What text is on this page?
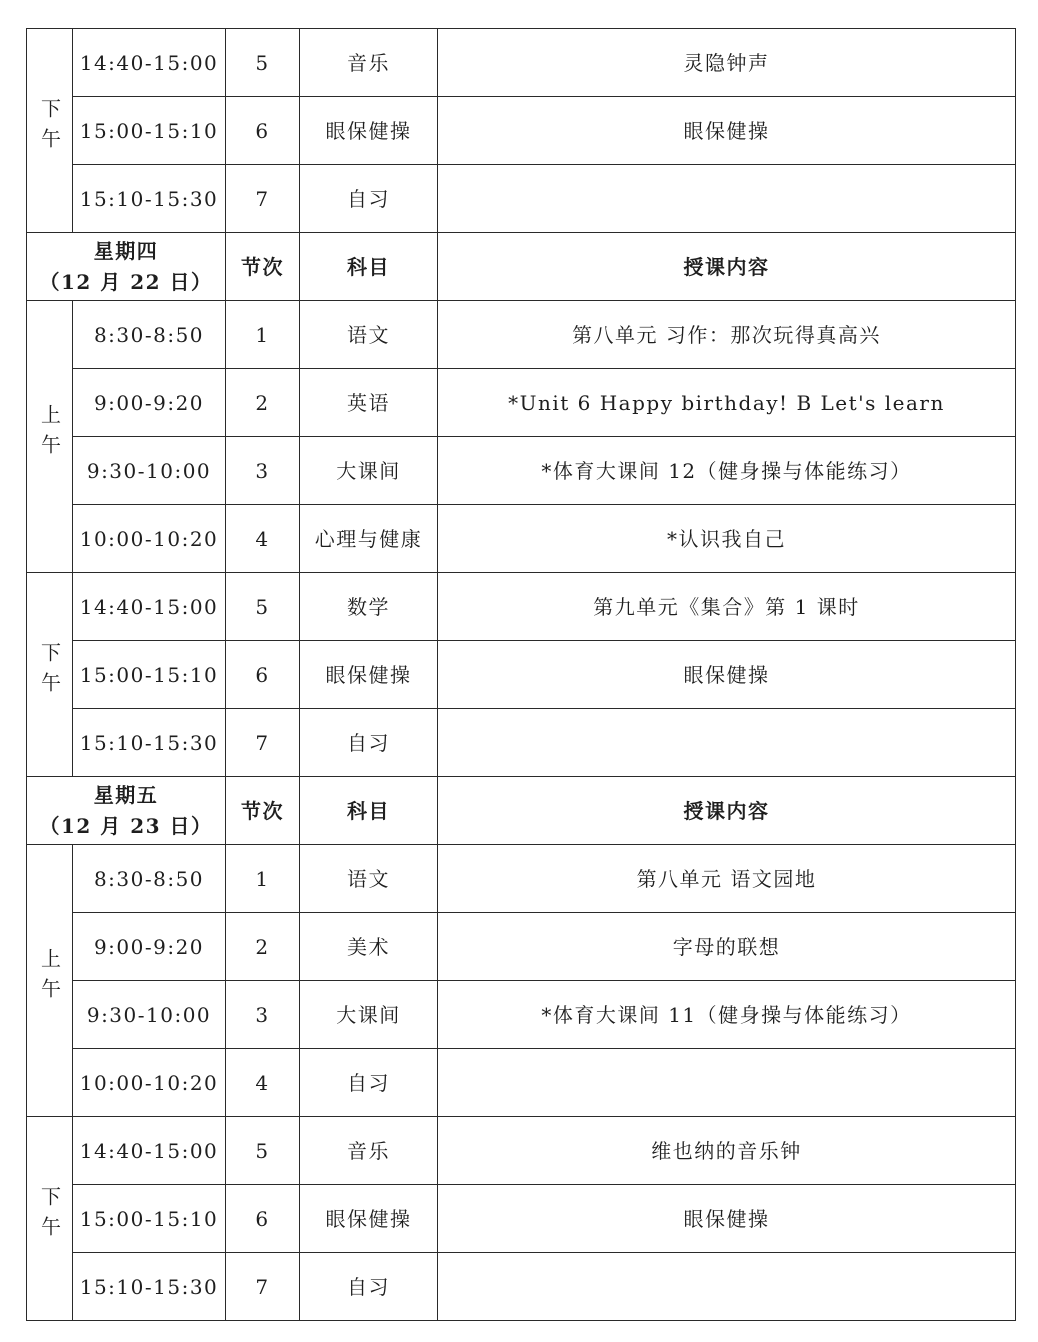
下午	14:40-15:00	5	音乐	灵隐钟声
	15:00-15:10	6	眼保健操	眼保健操
	15:10-15:30	7	自习	

星期四
（12 月 22 日）		节次	科目	授课内容
上午	8:30-8:50	1	语文	第八单元 习作：那次玩得真高兴
	9:00-9:20	2	英语	*Unit 6 Happy birthday! B Let's learn
	9:30-10:00	3	大课间	*体育大课间 12（健身操与体能练习）
	10:00-10:20	4	心理与健康	*认识我自己
下午	14:40-15:00	5	数学	第九单元《集合》第 1 课时
	15:00-15:10	6	眼保健操	眼保健操
	15:10-15:30	7	自习	

星期五
（12 月 23 日）		节次	科目	授课内容
上午	8:30-8:50	1	语文	第八单元 语文园地
	9:00-9:20	2	美术	字母的联想
	9:30-10:00	3	大课间	*体育大课间 11（健身操与体能练习）
	10:00-10:20	4	自习	
下午	14:40-15:00	5	音乐	维也纳的音乐钟
	15:00-15:10	6	眼保健操	眼保健操
	15:10-15:30	7	自习	
